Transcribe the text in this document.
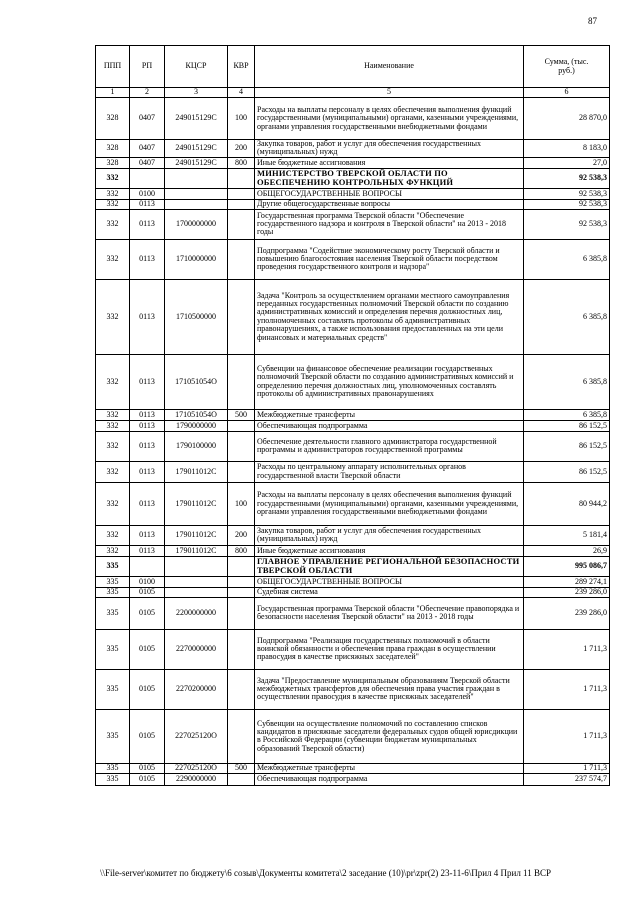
87
ППП	РП	КЦСР	КВР	Наименование	Сумма, (тыс. руб.)
1	2	3	4	5	6
328	0407	249015129С	100	Расходы на выплаты персоналу в целях обеспечения выполнения функций государственными (муниципальными) органами, казенными учреждениями, органами управления государственными внебюджетными фондами	28 870,0
328	0407	249015129С	200	Закупка товаров, работ и услуг для обеспечения государственных (муниципальных) нужд	8 183,0
328	0407	249015129С	800	Иные бюджетные ассигнования	27,0
332				МИНИСТЕРСТВО ТВЕРСКОЙ ОБЛАСТИ ПО ОБЕСПЕЧЕНИЮ КОНТРОЛЬНЫХ ФУНКЦИЙ	92 538,3
332	0100			ОБЩЕГОСУДАРСТВЕННЫЕ ВОПРОСЫ	92 538,3
332	0113			Другие общегосударственные вопросы	92 538,3
332	0113	1700000000		Государственная программа Тверской области "Обеспечение государственного надзора и контроля в Тверской области" на 2013 - 2018 годы	92 538,3
332	0113	1710000000		Подпрограмма "Содействие экономическому росту Тверской области и повышению благосостояния населения Тверской области посредством проведения государственного контроля и надзора"	6 385,8
332	0113	1710500000		Задача "Контроль за осуществлением органами местного самоуправления переданных государственных полномочий Тверской области по созданию административных комиссий и определения перечня должностных лиц, уполномоченных составлять протоколы об административных правонарушениях, а также использования предоставленных на эти цели финансовых и материальных средств"	6 385,8
332	0113	171051054О		Субвенции на финансовое обеспечение реализации государственных полномочий Тверской области по созданию административных комиссий и определению перечня должностных лиц, уполномоченных составлять протоколы об административных правонарушениях	6 385,8
332	0113	171051054О	500	Межбюджетные трансферты	6 385,8
332	0113	1790000000		Обеспечивающая подпрограмма	86 152,5
332	0113	1790100000		Обеспечение деятельности главного администратора государственной программы и администраторов государственной программы	86 152,5
332	0113	179011012С		Расходы по центральному аппарату исполнительных органов государственной власти Тверской области	86 152,5
332	0113	179011012С	100	Расходы на выплаты персоналу в целях обеспечения выполнения функций государственными (муниципальными) органами, казенными учреждениями, органами управления государственными внебюджетными фондами	80 944,2
332	0113	179011012С	200	Закупка товаров, работ и услуг для обеспечения государственных (муниципальных) нужд	5 181,4
332	0113	179011012С	800	Иные бюджетные ассигнования	26,9
335				ГЛАВНОЕ УПРАВЛЕНИЕ РЕГИОНАЛЬНОЙ БЕЗОПАСНОСТИ ТВЕРСКОЙ ОБЛАСТИ	995 086,7
335	0100			ОБЩЕГОСУДАРСТВЕННЫЕ ВОПРОСЫ	289 274,1
335	0105			Судебная система	239 286,0
335	0105	2200000000		Государственная программа Тверской области "Обеспечение правопорядка и безопасности населения Тверской области" на 2013 - 2018 годы	239 286,0
335	0105	2270000000		Подпрограмма "Реализация государственных полномочий в области воинской обязанности и обеспечения права граждан в осуществлении правосудия в качестве присяжных заседателей"	1 711,3
335	0105	2270200000		Задача "Предоставление муниципальным образованиям Тверской области межбюджетных трансфертов для обеспечения права участия граждан в осуществлении правосудия в качестве присяжных заседателей"	1 711,3
335	0105	227025120О		Субвенции на осуществление полномочий по составлению списков кандидатов в присяжные заседатели федеральных судов общей юрисдикции в Российской Федерации (субвенции бюджетам муниципальных образований Тверской области)	1 711,3
335	0105	227025120О	500	Межбюджетные трансферты	1 711,3
335	0105	2290000000		Обеспечивающая подпрограмма	237 574,7
\\File-server\комитет по бюджету\6 созыв\Документы комитета\2 заседание (10)\pr\zpr(2) 23-11-6\Прил 4 Прил 11 ВСР
